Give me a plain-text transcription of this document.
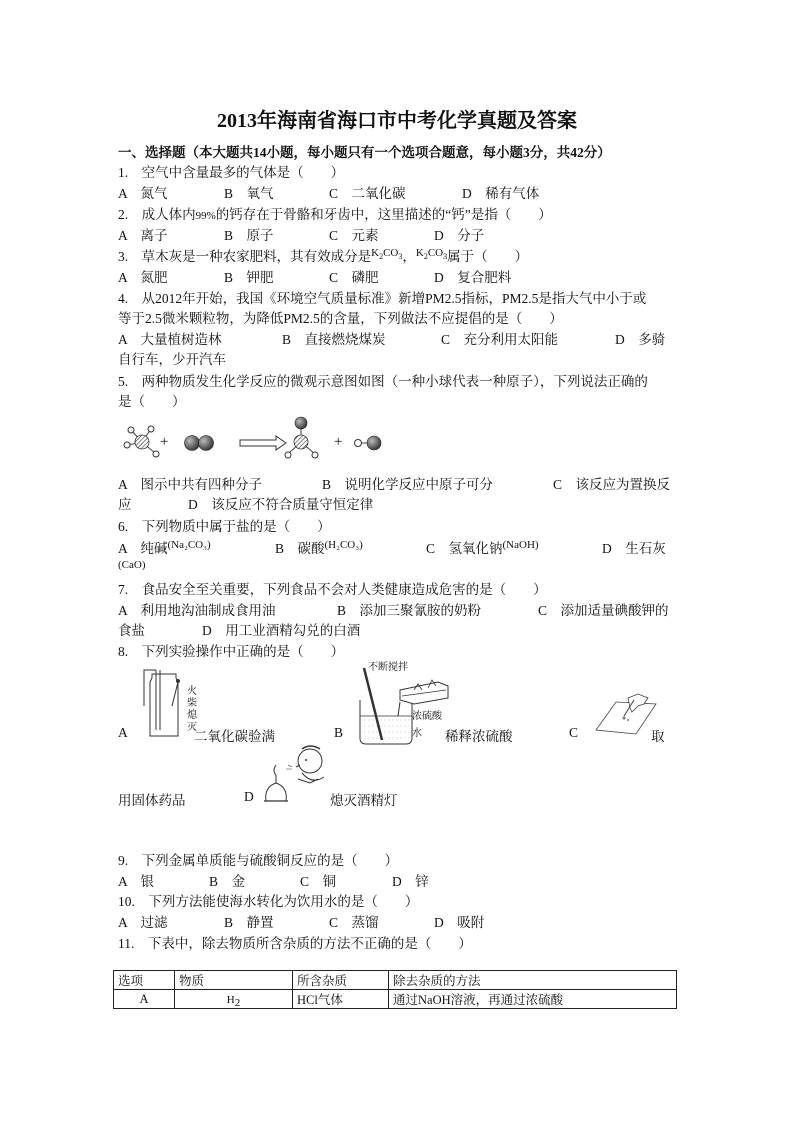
2013年海南省海口市中考化学真题及答案
一、选择题（本大题共14小题，每小题只有一个选项合题意，每小题3分，共42分）
1.　空气中含量最多的气体是（　　）
A　氮气	B　氧气	C　二氧化碳	D　稀有气体
2.　成人体内99%的钙存在于骨骼和牙齿中，这里描述的“钙”是指（　　）
A　离子	B　原子	C　元素	D　分子
3.　草木灰是一种农家肥料，其有效成分是$^{K_2CO_3}$，$^{K_2CO_3}$属于（　　）
A　氮肥	B　钾肥	C　磷肥	D　复合肥料
4.　从2012年开始，我国《环境空气质量标准》新增PM2.5指标，PM2.5是指大气中小于或
等于2.5微米颗粒物，为降低PM2.5的含量，下列做法不应提倡的是（　　）
A　大量植树造林	B　直接燃烧煤炭	C　充分利用太阳能	D　多骑
自行车，少开汽车
5.　两种物质发生化学反应的微观示意图如图（一种小球代表一种原子），下列说法正确的
是（　　）
+	+
A　图示中共有四种分子	B　说明化学反应中原子可分	C　该反应为置换反
应	D　该反应不符合质量守恒定律
6.　下列物质中属于盐的是（　　）
A　纯碱$^{(Na_2CO_3)}$	B　碳酸$^{(H_2CO_3)}$	C　氢氧化钠$^{(NaOH)}$	D　生石灰
(CaO)
7.　食品安全至关重要，下列食品不会对人类健康造成危害的是（　　）
A　利用地沟油制成食用油	B　添加三聚氰胺的奶粉	C　添加适量碘酸钾的
食盐	D　用工业酒精勾兑的白酒
8.　下列实验操作中正确的是（　　）
火
柴
熄
灭
A	二氧化碳验满
不断搅拌
浓硫酸
水
B	稀释浓硫酸	C	取
用固体药品	D	熄灭酒精灯
9.　下列金属单质能与硫酸铜反应的是（　　）
A　银	B　金	C　铜	D　锌
10.　下列方法能使海水转化为饮用水的是（　　）
A　过滤	B　静置	C　蒸馏	D　吸附
11.　下表中，除去物质所含杂质的方法不正确的是（　　）
选项	物质	所含杂质	除去杂质的方法
A	H2	HCl气体	通过NaOH溶液，再通过浓硫酸
